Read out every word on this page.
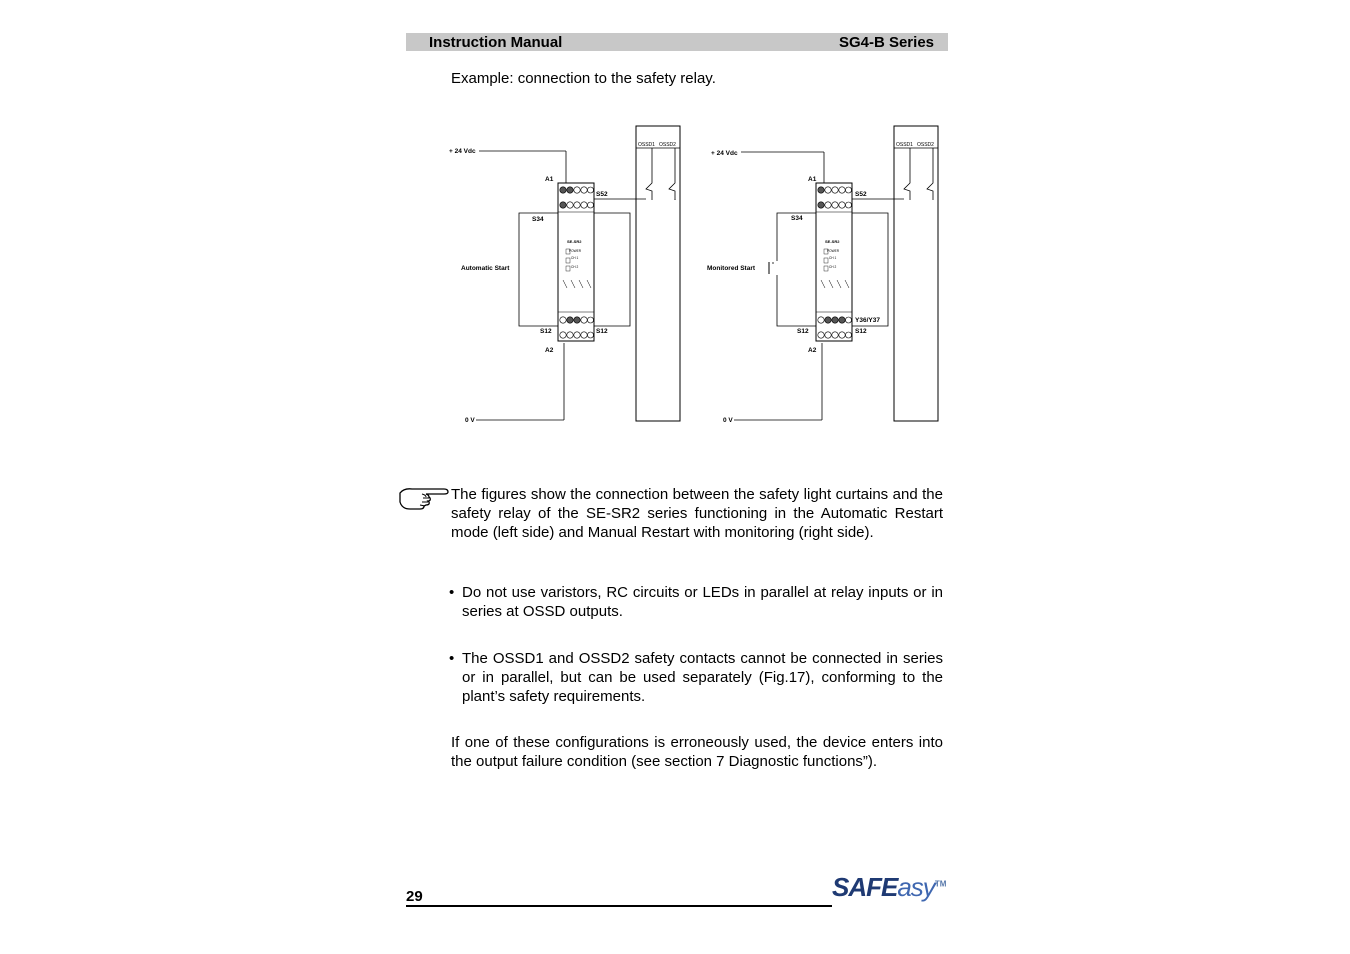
Instruction Manual	SG4-B Series
Example: connection to the safety relay.
OSSD1 OSSD2
+ 24 Vdc
0 V
SE-SR2
POWER
CH 1
CH 2
A1
A2
S52
S34
S12	S12
Automatic Start
OSSD1 OSSD2
+ 24 Vdc
0 V
SE-SR2
POWER
CH 1
CH 2
A1
A2
S52
S34
S12	S12
Y36/Y37
Monitored Start
The figures show the connection between the safety light curtains and the safety relay of the SE-SR2 series functioning in the Automatic Restart mode (left side) and Manual Restart with monitoring (right side).
• Do not use varistors, RC circuits or LEDs in parallel at relay inputs or in series at OSSD outputs.
• The OSSD1 and OSSD2 safety contacts cannot be connected in series or in parallel, but can be used separately (Fig.17), conforming to the plant’s safety requirements.
If one of these configurations is erroneously used, the device enters into the output failure condition (see section 7 Diagnostic functions”).
29	SAFEasy™
